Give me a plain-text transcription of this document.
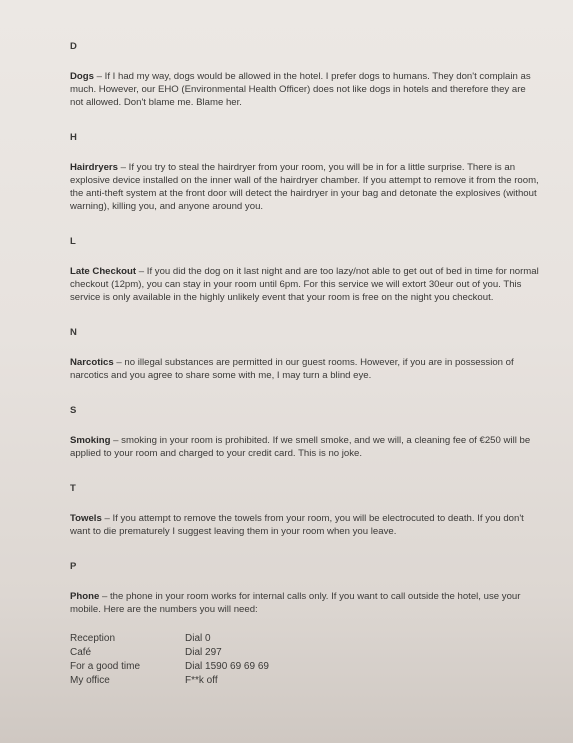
D
Dogs – If I had my way, dogs would be allowed in the hotel. I prefer dogs to humans. They don't complain as much. However, our EHO (Environmental Health Officer) does not like dogs in hotels and therefore they are not allowed. Don't blame me. Blame her.
H
Hairdryers – If you try to steal the hairdryer from your room, you will be in for a little surprise. There is an explosive device installed on the inner wall of the hairdryer chamber. If you attempt to remove it from the room, the anti-theft system at the front door will detect the hairdryer in your bag and detonate the explosives (without warning), killing you, and anyone around you.
L
Late Checkout – If you did the dog on it last night and are too lazy/not able to get out of bed in time for normal checkout (12pm), you can stay in your room until 6pm. For this service we will extort 30eur out of you. This service is only available in the highly unlikely event that your room is free on the night you checkout.
N
Narcotics – no illegal substances are permitted in our guest rooms. However, if you are in possession of narcotics and you agree to share some with me, I may turn a blind eye.
S
Smoking – smoking in your room is prohibited. If we smell smoke, and we will, a cleaning fee of €250 will be applied to your room and charged to your credit card. This is no joke.
T
Towels – If you attempt to remove the towels from your room, you will be electrocuted to death. If you don't want to die prematurely I suggest leaving them in your room when you leave.
P
Phone – the phone in your room works for internal calls only. If you want to call outside the hotel, use your mobile. Here are the numbers you will need:
Reception	Dial 0
Café	Dial 297
For a good time	Dial 1590 69 69 69
My office	F**k off
